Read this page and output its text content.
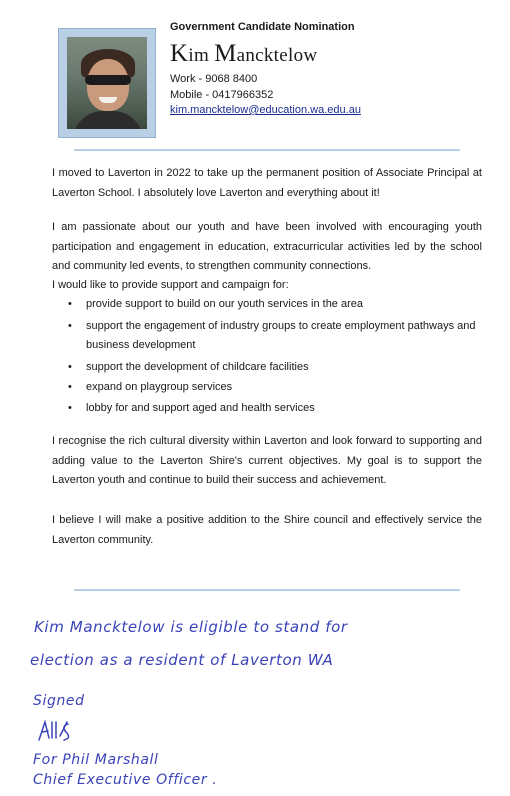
Government Candidate Nomination
Kim Mancktelow
Work - 9068 8400
Mobile - 0417966352
kim.mancktelow@education.wa.edu.au

I moved to Laverton in 2022 to take up the permanent position of Associate Principal at Laverton School. I absolutely love Laverton and everything about it!

I am passionate about our youth and have been involved with encouraging youth participation and engagement in education, extracurricular activities led by the school and community led events, to strengthen community connections.

I would like to provide support and campaign for:

• provide support to build on our youth services in the area
• support the engagement of industry groups to create employment pathways and business development
• support the development of childcare facilities
• expand on playgroup services
• lobby for and support aged and health services

I recognise the rich cultural diversity within Laverton and look forward to supporting and adding value to the Laverton Shire's current objectives. My goal is to support the Laverton youth and continue to build their success and achievement.

I believe I will make a positive addition to the Shire council and effectively service the Laverton community.

Kim Mancktelow is eligible to stand for
election as a resident of Laverton WA
Signed
For Phil Marshall
Chief Executive Officer .
